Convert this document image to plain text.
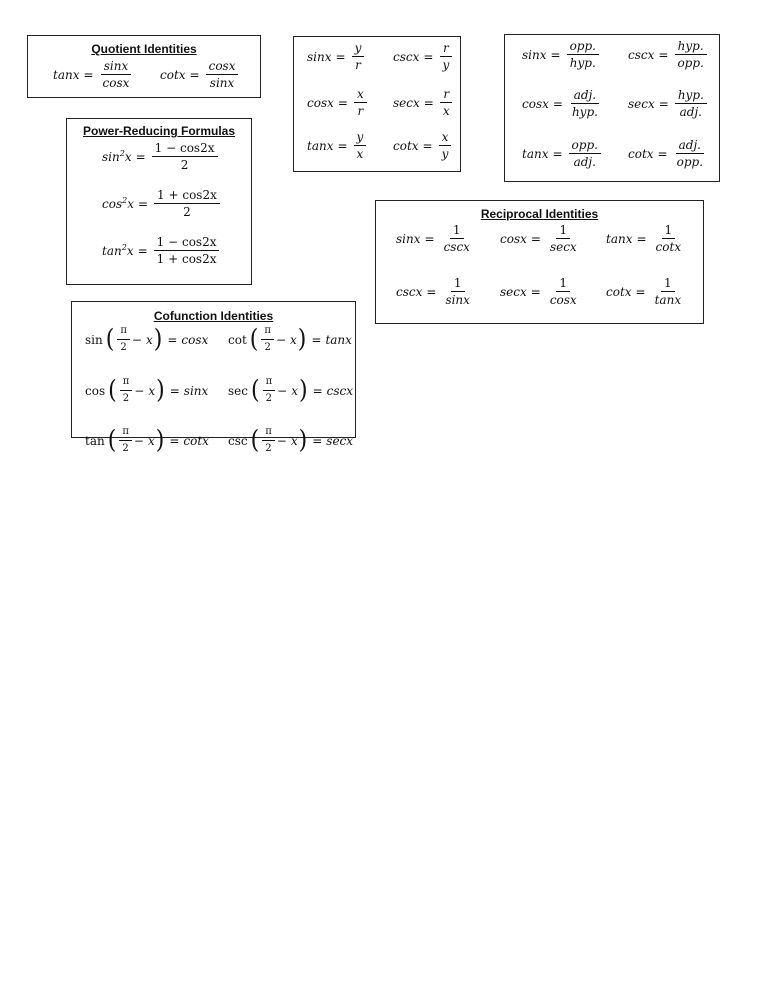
Quotient Identities
$\tan x = \frac{\sin x}{\cos x}$ $\cot x = \frac{\cos x}{\sin x}$
$\sin x = \frac{y}{r}$ $\csc x = \frac{r}{y}$
$\cos x = \frac{x}{r}$ $\sec x = \frac{r}{x}$
$\tan x = \frac{y}{x}$ $\cot x = \frac{x}{y}$
$\sin x = \frac{\text{opp.}}{\text{hyp.}}$ $\csc x = \frac{\text{hyp.}}{\text{opp.}}$
$\cos x = \frac{\text{adj.}}{\text{hyp.}}$ $\sec x = \frac{\text{hyp.}}{\text{adj.}}$
$\tan x = \frac{\text{opp.}}{\text{adj.}}$ $\cot x = \frac{\text{adj.}}{\text{opp.}}$
Power-Reducing Formulas
$\sin^2x = \frac{1 - \cos 2x}{2}$
$\cos^2x = \frac{1 + \cos 2x}{2}$
$\tan^2x = \frac{1 - \cos 2x}{1 + \cos 2x}$
Reciprocal Identities
$\sin x = \frac{1}{\csc x}$ $\cos x = \frac{1}{\sec x}$ $\tan x = \frac{1}{\cot x}$
$\csc x = \frac{1}{\sin x}$ $\sec x = \frac{1}{\cos x}$ $\cot x = \frac{1}{\tan x}$
Cofunction Identities
sin ( $\frac{\pi}{2} - x$ ) = cosx cot ( $\frac{\pi}{2} - x$ ) = tanx
cos ( $\frac{\pi}{2} - x$ ) = sinx sec ( $\frac{\pi}{2} - x$ ) = cscx
tan ( $\frac{\pi}{2} - x$ ) = cotx csc ( $\frac{\pi}{2} - x$ ) = secx
